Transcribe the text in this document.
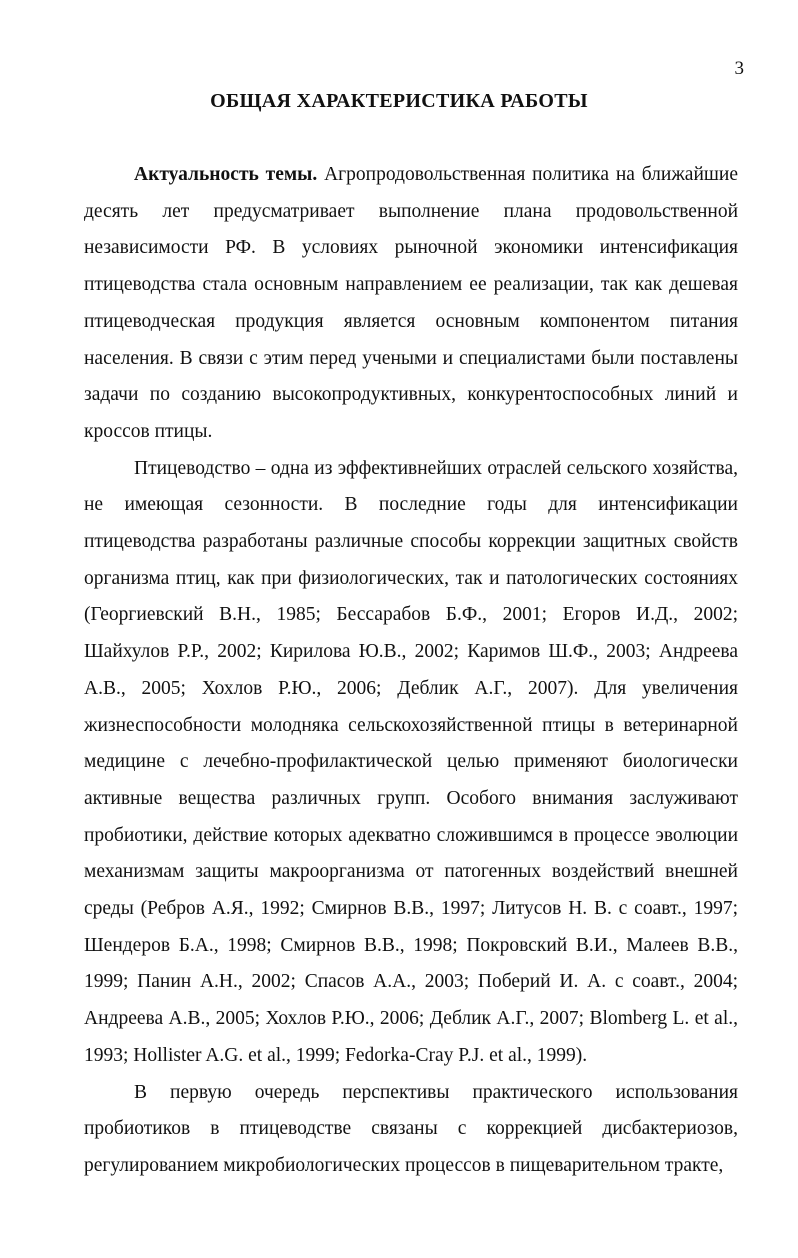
3
ОБЩАЯ ХАРАКТЕРИСТИКА РАБОТЫ

Актуальность темы. Агропродовольственная политика на ближайшие десять лет предусматривает выполнение плана продовольственной независимости РФ. В условиях рыночной экономики интенсификация птицеводства стала основным направлением ее реализации, так как дешевая птицеводческая продукция является основным компонентом питания населения. В связи с этим перед учеными и специалистами были поставлены задачи по созданию высокопродуктивных, конкурентоспособных линий и кроссов птицы.

Птицеводство – одна из эффективнейших отраслей сельского хозяйства, не имеющая сезонности. В последние годы для интенсификации птицеводства разработаны различные способы коррекции защитных свойств организма птиц, как при физиологических, так и патологических состояниях (Георгиевский В.Н., 1985; Бессарабов Б.Ф., 2001; Егоров И.Д., 2002; Шайхулов Р.Р., 2002; Кирилова Ю.В., 2002; Каримов Ш.Ф., 2003; Андреева А.В., 2005; Хохлов Р.Ю., 2006; Деблик А.Г., 2007). Для увеличения жизнеспособности молодняка сельскохозяйственной птицы в ветеринарной медицине с лечебно-профилактической целью применяют биологически активные вещества различных групп. Особого внимания заслуживают пробиотики, действие которых адекватно сложившимся в процессе эволюции механизмам защиты макроорганизма от патогенных воздействий внешней среды (Ребров А.Я., 1992; Смирнов В.В., 1997; Литусов Н. В. с соавт., 1997; Шендеров Б.А., 1998; Смирнов В.В., 1998; Покровский В.И., Малеев В.В., 1999; Панин А.Н., 2002; Спасов А.А., 2003; Поберий И. А. с соавт., 2004; Андреева А.В., 2005; Хохлов Р.Ю., 2006; Деблик А.Г., 2007; Blomberg L. et al., 1993; Hollister A.G. et al., 1999; Fedorka-Cray P.J. et al., 1999).

В первую очередь перспективы практического использования пробиотиков в птицеводстве связаны с коррекцией дисбактериозов, регулированием микробиологических процессов в пищеварительном тракте,
